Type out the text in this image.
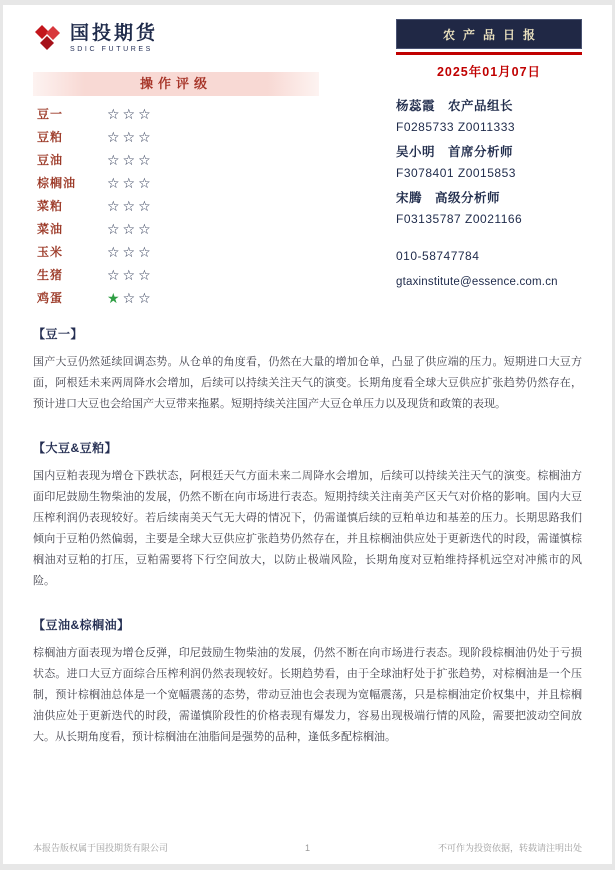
国投期货
SDIC FUTURES
操作评级
豆一	☆☆☆
豆粕	☆☆☆
豆油	☆☆☆
棕榈油	☆☆☆
菜粕	☆☆☆
菜油	☆☆☆
玉米	☆☆☆
生猪	☆☆☆
鸡蛋	★☆☆
农产品日报
2025年01月07日
杨蕊霞　农产品组长
F0285733 Z0011333
吴小明　首席分析师
F3078401 Z0015853
宋腾　高级分析师
F03135787 Z0021166
010-58747784
gtaxinstitute@essence.com.cn
【豆一】
国产大豆仍然延续回调态势。从仓单的角度看，仍然在大量的增加仓单，凸显了供应端的压力。短期进口大豆方面，阿根廷未来两周降水会增加，后续可以持续关注天气的演变。长期角度看全球大豆供应扩张趋势仍然存在，预计进口大豆也会给国产大豆带来拖累。短期持续关注国产大豆仓单压力以及现货和政策的表现。
【大豆&豆粕】
国内豆粕表现为增仓下跌状态，阿根廷天气方面未来二周降水会增加，后续可以持续关注天气的演变。棕榈油方面印尼鼓励生物柴油的发展，仍然不断在向市场进行表态。短期持续关注南美产区天气对价格的影响。国内大豆压榨利润仍表现较好。若后续南美天气无大碍的情况下，仍需谨慎后续的豆粕单边和基差的压力。长期思路我们倾向于豆粕仍然偏弱，主要是全球大豆供应扩张趋势仍然存在，并且棕榈油供应处于更新迭代的时段，需谨慎棕榈油对豆粕的打压，豆粕需要将下行空间放大，以防止极端风险，长期角度对豆粕维持择机远空对冲熊市的风险。
【豆油&棕榈油】
棕榈油方面表现为增仓反弹，印尼鼓励生物柴油的发展，仍然不断在向市场进行表态。现阶段棕榈油仍处于亏损状态。进口大豆方面综合压榨利润仍然表现较好。长期趋势看，由于全球油籽处于扩张趋势，对棕榈油是一个压制，预计棕榈油总体是一个宽幅震荡的态势，带动豆油也会表现为宽幅震荡，只是棕榈油定价权集中，并且棕榈油供应处于更新迭代的时段，需谨慎阶段性的价格表现有爆发力，容易出现极端行情的风险，需要把波动空间放大。从长期角度看，预计棕榈油在油脂间是强势的品种，逢低多配棕榈油。
本报告版权属于国投期货有限公司	1	不可作为投资依据，转载请注明出处
